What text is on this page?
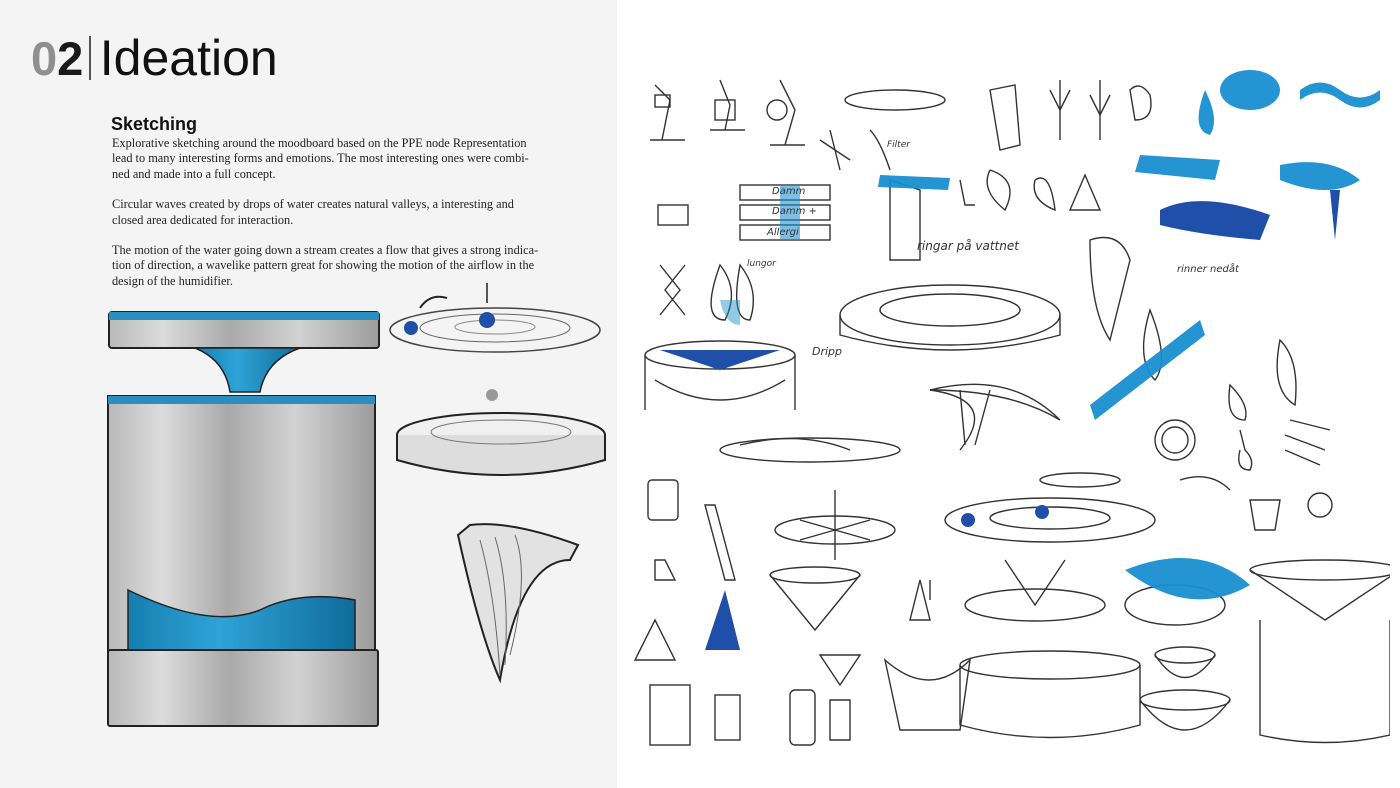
02 Ideation
Sketching

Explorative sketching around the moodboard based on the PPE node Representation lead to many interesting forms and emotions. The most interesting ones were combi-ned and made into a full concept.

Circular waves created by drops of water creates natural valleys, a interesting and closed area dedicated for interaction.

The motion of the water going down a stream creates a flow that gives a strong indica-tion of direction, a wavelike pattern great for showing the motion of the airflow in the design of the humidifier.

Damm
Damm +
Allergi
Filter
ringar på vattnet
Dripp
rinner nedåt
lungor
